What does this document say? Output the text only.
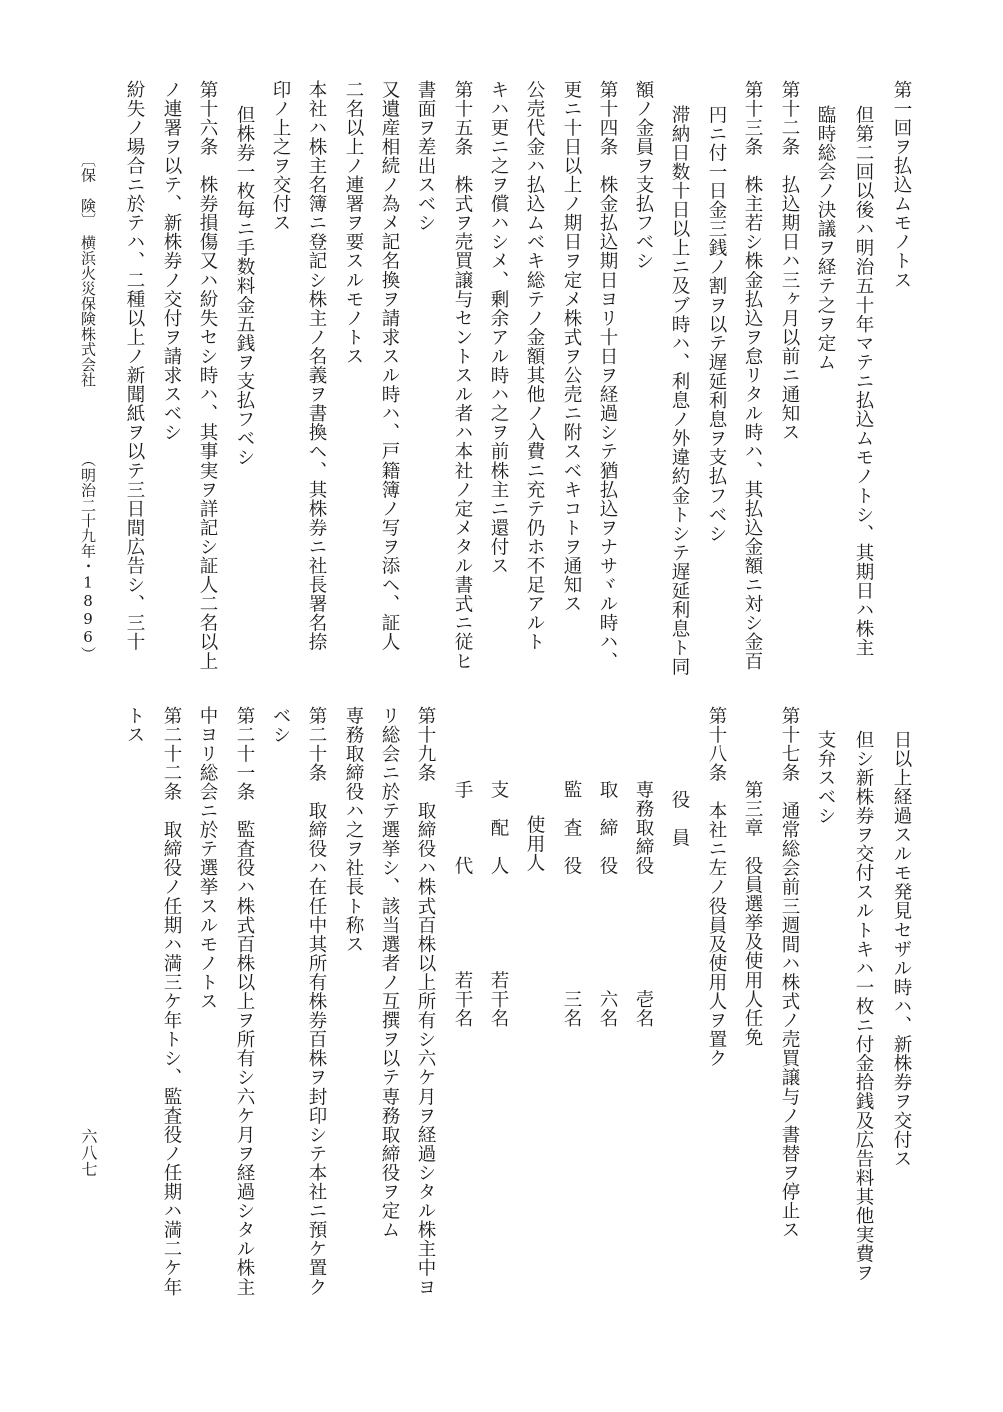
第一回ヲ払込ムモノトス
但第二回以後ハ明治五十年マテニ払込ムモノトシ、其期日ハ株主
臨時総会ノ決議ヲ経テ之ヲ定ム
第十二条　払込期日ハ三ヶ月以前ニ通知ス
第十三条　株主若シ株金払込ヲ怠リタル時ハ、其払込金額ニ対シ金百
円ニ付一日金三銭ノ割ヲ以テ遅延利息ヲ支払フベシ
滞納日数十日以上ニ及ブ時ハ、利息ノ外違約金トシテ遅延利息ト同
額ノ金員ヲ支払フベシ
第十四条　株金払込期日ヨリ十日ヲ経過シテ猶払込ヲナサヾル時ハ、
更ニ十日以上ノ期日ヲ定メ株式ヲ公売ニ附スベキコトヲ通知ス
公売代金ハ払込ムベキ総テノ金額其他ノ入費ニ充テ仍ホ不足アルト
キハ更ニ之ヲ償ハシメ、剰余アル時ハ之ヲ前株主ニ還付ス
第十五条　株式ヲ売買譲与セントスル者ハ本社ノ定メタル書式ニ従ヒ
書面ヲ差出スベシ
又遺産相続ノ為メ記名換ヲ請求スル時ハ、戸籍簿ノ写ヲ添ヘ、証人
二名以上ノ連署ヲ要スルモノトス
本社ハ株主名簿ニ登記シ株主ノ名義ヲ書換ヘ、其株券ニ社長署名捺
印ノ上之ヲ交付ス
但株券一枚毎ニ手数料金五銭ヲ支払フベシ
第十六条　株券損傷又ハ紛失セシ時ハ、其事実ヲ詳記シ証人二名以上
ノ連署ヲ以テ、新株券ノ交付ヲ請求スベシ
紛失ノ場合ニ於テハ、二種以上ノ新聞紙ヲ以テ三日間広告シ、三十
〔保　険〕
横浜火災保険株式会社
（明治二十九年・1896）
日以上経過スルモ発見セザル時ハ、新株券ヲ交付ス
但シ新株券ヲ交付スルトキハ一枚ニ付金拾銭及広告料其他実費ヲ
支弁スベシ
第十七条　通常総会前三週間ハ株式ノ売買譲与ノ書替ヲ停止ス
第三章　役員選挙及使用人任免
第十八条　本社ニ左ノ役員及使用人ヲ置ク
役　員
専務取締役　　　　　　壱名
取　締　役　　　　　　六名
監　査　役　　　　　　三名
使用人
支　配　人　　　　　若干名
手　　　代　　　　　若干名
第十九条　取締役ハ株式百株以上所有シ六ケ月ヲ経過シタル株主中ヨ
リ総会ニ於テ選挙シ、該当選者ノ互撰ヲ以テ専務取締役ヲ定ム
専務取締役ハ之ヲ社長ト称ス
第二十条　取締役ハ在任中其所有株券百株ヲ封印シテ本社ニ預ケ置ク
ベシ
第二十一条　監査役ハ株式百株以上ヲ所有シ六ケ月ヲ経過シタル株主
中ヨリ総会ニ於テ選挙スルモノトス
第二十二条　取締役ノ任期ハ満三ケ年トシ、監査役ノ任期ハ満二ケ年
トス
六八七
